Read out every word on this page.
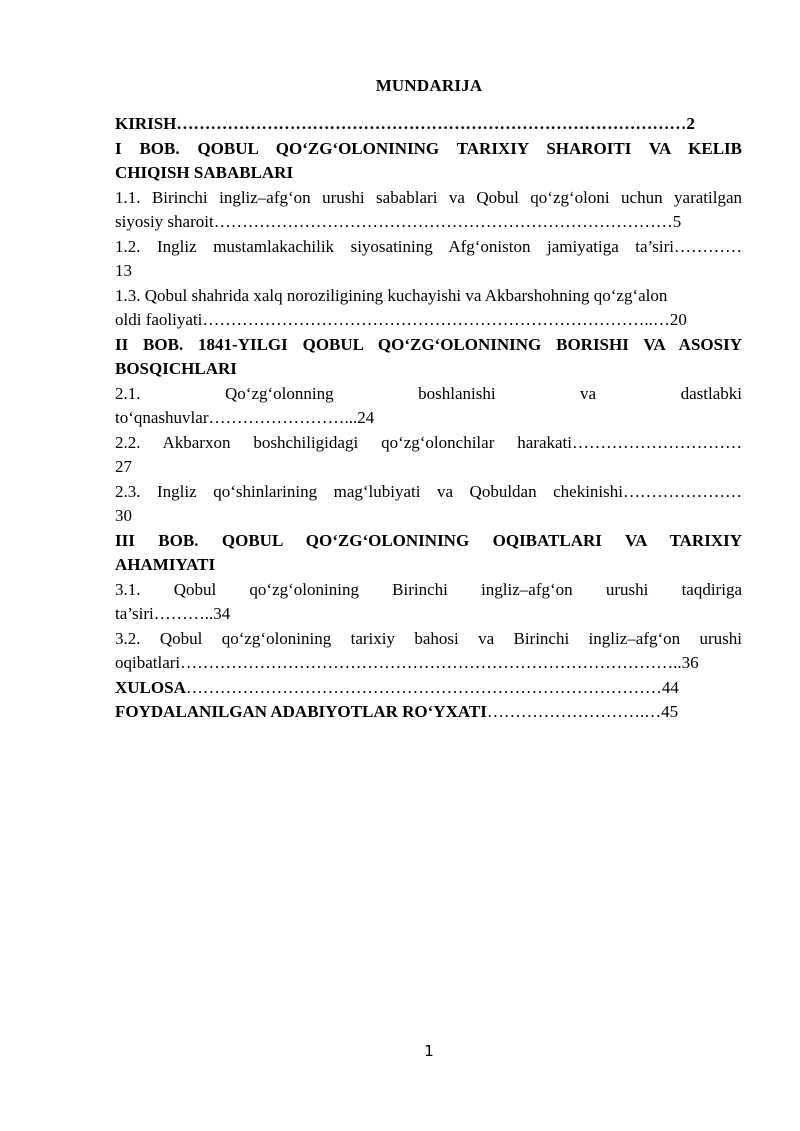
MUNDARIJA

KIRISH………………………………………………………………………………2

I BOB. QOBUL QO‘ZG‘OLONINING TARIXIY SHAROITI VA KELIB
CHIQISH SABABLARI

1.1. Birinchi ingliz–afg‘on urushi sabablari va Qobul qo‘zg‘oloni uchun yaratilgan
siyosiy sharoit………………………………………………………………………5

1.2. Ingliz mustamlakachilik siyosatining Afg‘oniston jamiyatiga ta’siri…………
13

1.3. Qobul shahrida xalq noroziligining kuchayishi va Akbarshohning qo‘zg‘alon
oldi faoliyati……………………………………………………………………..…20

II BOB. 1841-YILGI QOBUL QO‘ZG‘OLONINING BORISHI VA ASOSIY
BOSQICHLARI

2.1. Qo‘zg‘olonning boshlanishi va dastlabki
to‘qnashuvlar……………………...24

2.2. Akbarxon boshchiligidagi qo‘zg‘olonchilar harakati…………………………
27

2.3. Ingliz qo‘shinlarining mag‘lubiyati va Qobuldan chekinishi…………………
30

III BOB. QOBUL QO‘ZG‘OLONINING OQIBATLARI VA TARIXIY
AHAMIYATI

3.1. Qobul qo‘zg‘olonining Birinchi ingliz–afg‘on urushi taqdiriga
ta’siri………..34

3.2. Qobul qo‘zg‘olonining tarixiy bahosi va Birinchi ingliz–afg‘on urushi
oqibatlari……………………………………………………………………………..36

XULOSA…………………………………………………………………………44

FOYDALANILGAN ADABIYOTLAR RO‘YXATI……………………….…45

1
